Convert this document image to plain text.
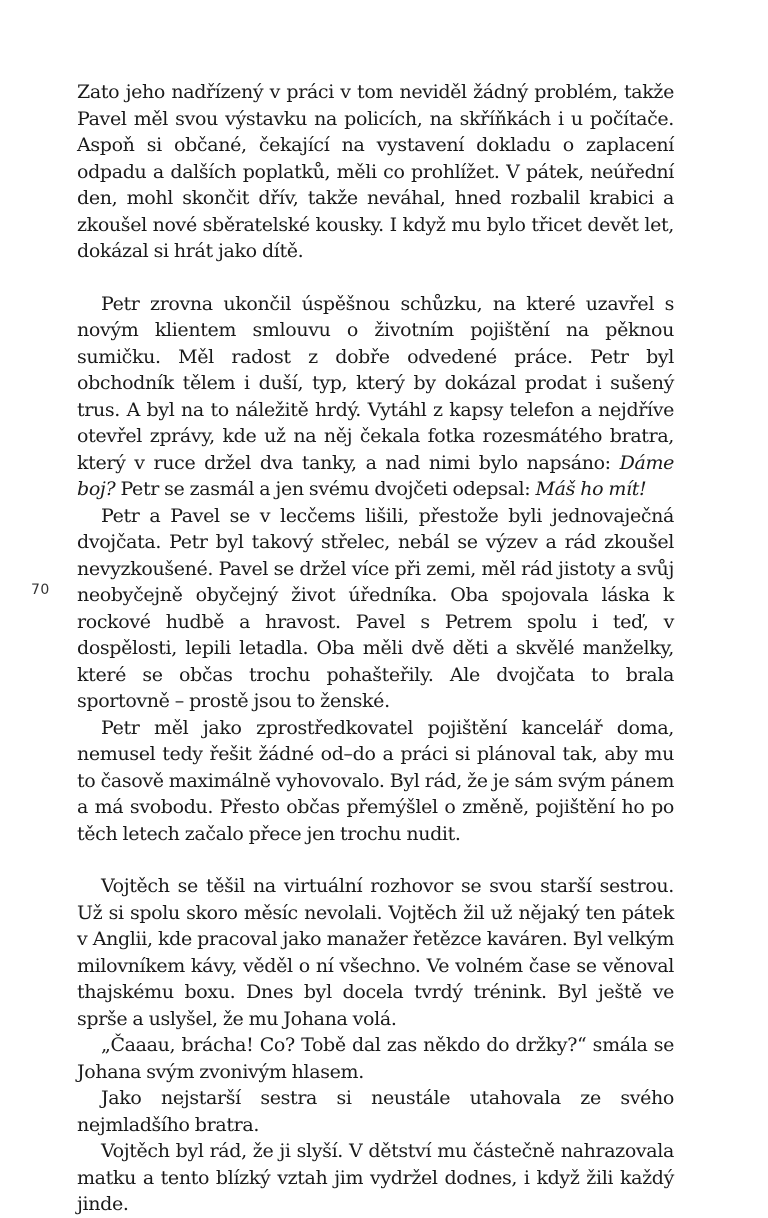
70

Zato jeho nadřízený v práci v tom neviděl žádný problém, takže Pavel měl svou výstavku na policích, na skříňkách i u počítače. Aspoň si občané, čekající na vystavení dokladu o zaplacení odpadu a dalších poplatků, měli co prohlížet. V pátek, neúřední den, mohl skončit dřív, takže neváhal, hned rozbalil krabici a zkoušel nové sběratelské kousky. I když mu bylo třicet devět let, dokázal si hrát jako dítě.

Petr zrovna ukončil úspěšnou schůzku, na které uzavřel s novým klientem smlouvu o životním pojištění na pěknou sumičku. Měl radost z dobře odvedené práce. Petr byl obchodník tělem i duší, typ, který by dokázal prodat i sušený trus. A byl na to náležitě hrdý. Vytáhl z kapsy telefon a nejdříve otevřel zprávy, kde už na něj čekala fotka rozesmátého bratra, který v ruce držel dva tanky, a nad nimi bylo napsáno: Dáme boj? Petr se zasmál a jen svému dvojčeti odepsal: Máš ho mít!

Petr a Pavel se v lecčems lišili, přestože byli jednovaječná dvojčata. Petr byl takový střelec, nebál se výzev a rád zkoušel nevyzkoušené. Pavel se držel více při zemi, měl rád jistoty a svůj neobyčejně obyčejný život úředníka. Oba spojovala láska k rockové hudbě a hravost. Pavel s Petrem spolu i teď, v dospělosti, lepili letadla. Oba měli dvě děti a skvělé manželky, které se občas trochu pohašteřily. Ale dvojčata to brala sportovně – prostě jsou to ženské.

Petr měl jako zprostředkovatel pojištění kancelář doma, nemusel tedy řešit žádné od–do a práci si plánoval tak, aby mu to časově maximálně vyhovovalo. Byl rád, že je sám svým pánem a má svobodu. Přesto občas přemýšlel o změně, pojištění ho po těch letech začalo přece jen trochu nudit.

Vojtěch se těšil na virtuální rozhovor se svou starší sestrou. Už si spolu skoro měsíc nevolali. Vojtěch žil už nějaký ten pátek v Anglii, kde pracoval jako manažer řetězce kaváren. Byl velkým milovníkem kávy, věděl o ní všechno. Ve volném čase se věnoval thajskému boxu. Dnes byl docela tvrdý trénink. Byl ještě ve sprše a uslyšel, že mu Johana volá.

„Čaaau, brácha! Co? Tobě dal zas někdo do držky?“ smála se Johana svým zvonivým hlasem.

Jako nejstarší sestra si neustále utahovala ze svého nejmladšího bratra.

Vojtěch byl rád, že ji slyší. V dětství mu částečně nahrazovala matku a tento blízký vztah jim vydržel dodnes, i když žili každý jinde.
